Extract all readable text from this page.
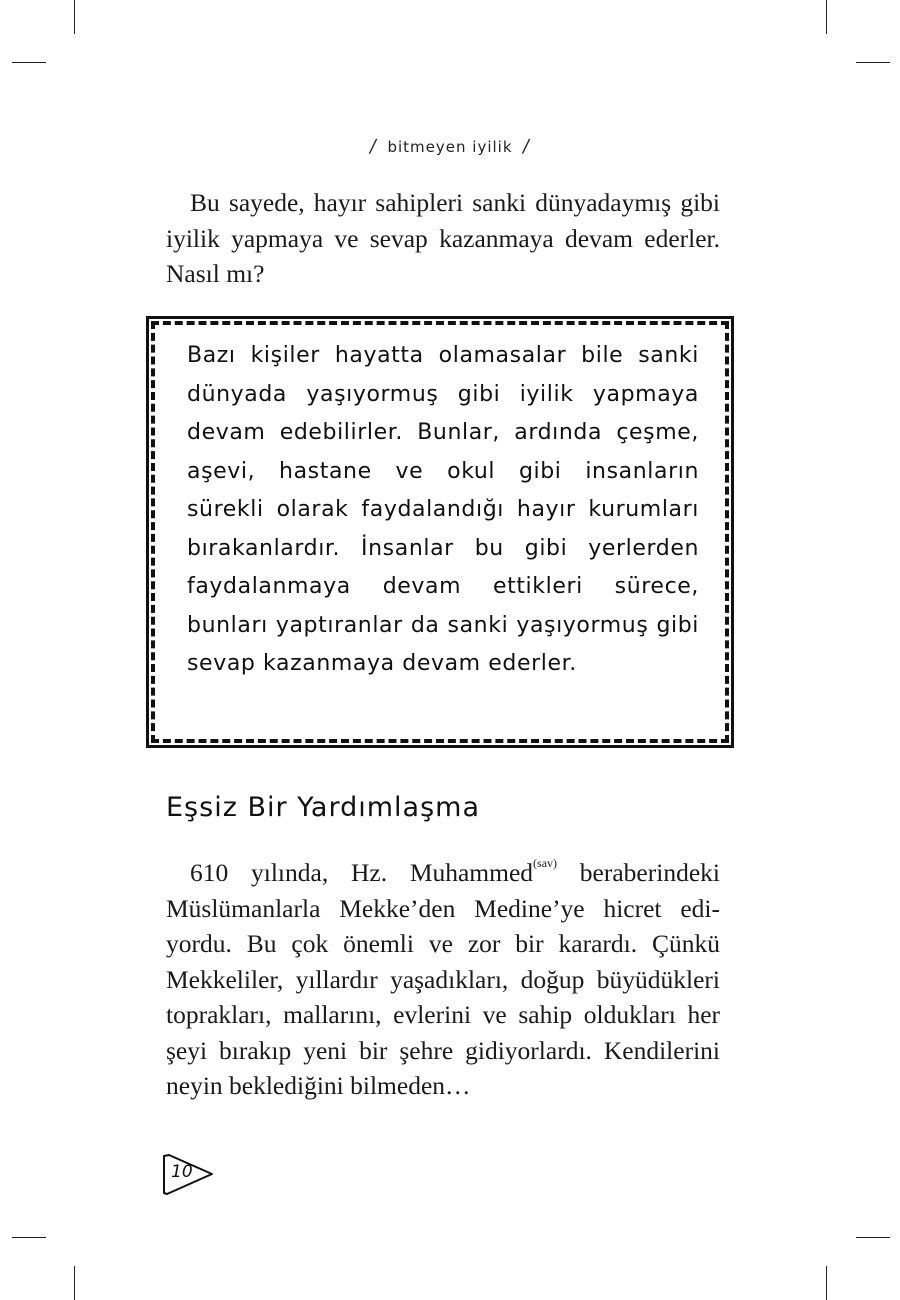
/ bitmeyen iyilik /

Bu sayede, hayır sahipleri sanki dünyadaymış gibi iyilik yapmaya ve sevap kazanmaya devam ederler. Nasıl mı?

Bazı kişiler hayatta olamasalar bile sanki dünyada yaşıyormuş gibi iyilik yapmaya devam edebilirler. Bunlar, ardında çeşme, aşevi, hastane ve okul gibi insanların sürekli olarak faydalandığı hayır kurumları bırakanlardır. İnsanlar bu gibi yerlerden faydalanmaya devam ettikleri sürece, bunları yaptıranlar da sanki yaşıyormuş gibi sevap kazanmaya devam ederler.
Eşsiz Bir Yardımlaşma

610 yılında, Hz. Muhammed$^{(sav)}$ beraberindeki Müslümanlarla Mekke’den Medine’ye hicret ediyordu. Bu çok önemli ve zor bir karardı. Çünkü Mekkeliler, yıllardır yaşadıkları, doğup büyüdükleri toprakları, mallarını, evlerini ve sahip oldukları her şeyi bırakıp yeni bir şehre gidiyorlardı. Kendilerini neyin beklediğini bilmeden…

10
